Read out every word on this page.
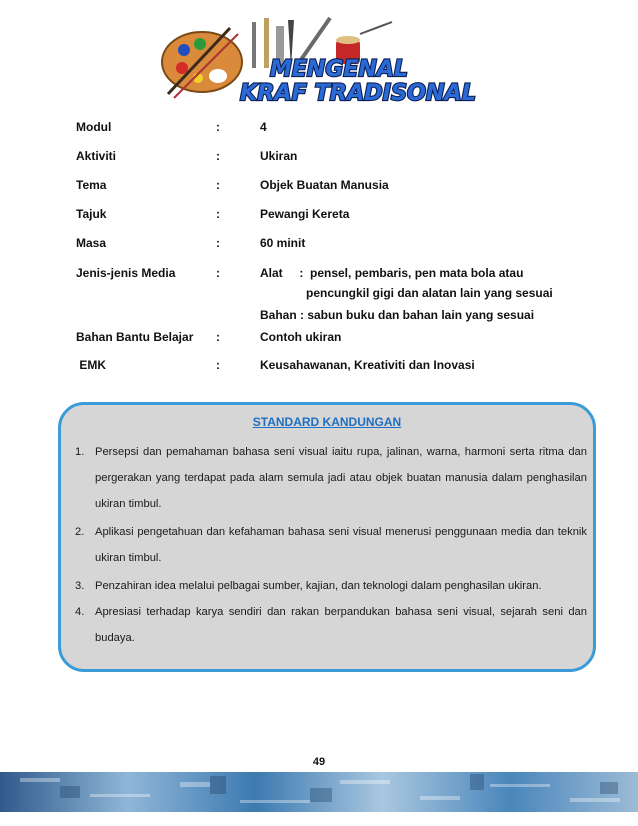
MENGENAL
KRAF TRADISONAL
Modul	:	4
Aktiviti	:	Ukiran
Tema	:	Objek Buatan Manusia
Tajuk	:	Pewangi Kereta
Masa	:	60 minit
Jenis-jenis Media	:	Alat     :  pensel, pembaris, pen mata bola atau
pencungkil gigi dan alatan lain yang sesuai
Bahan : sabun buku dan bahan lain yang sesuai
Bahan Bantu Belajar :	Contoh ukiran
EMK	:	Keusahawanan, Kreativiti dan Inovasi
STANDARD KANDUNGAN
1. Persepsi dan pemahaman bahasa seni visual iaitu rupa, jalinan, warna, harmoni serta ritma dan pergerakan yang terdapat pada alam semula jadi atau objek buatan manusia dalam penghasilan ukiran timbul.
2. Aplikasi pengetahuan dan kefahaman bahasa seni visual menerusi penggunaan media dan teknik ukiran timbul.
3. Penzahiran idea melalui pelbagai sumber, kajian, dan teknologi dalam penghasilan ukiran.
4. Apresiasi terhadap karya sendiri dan rakan berpandukan bahasa seni visual, sejarah seni dan budaya.
49
